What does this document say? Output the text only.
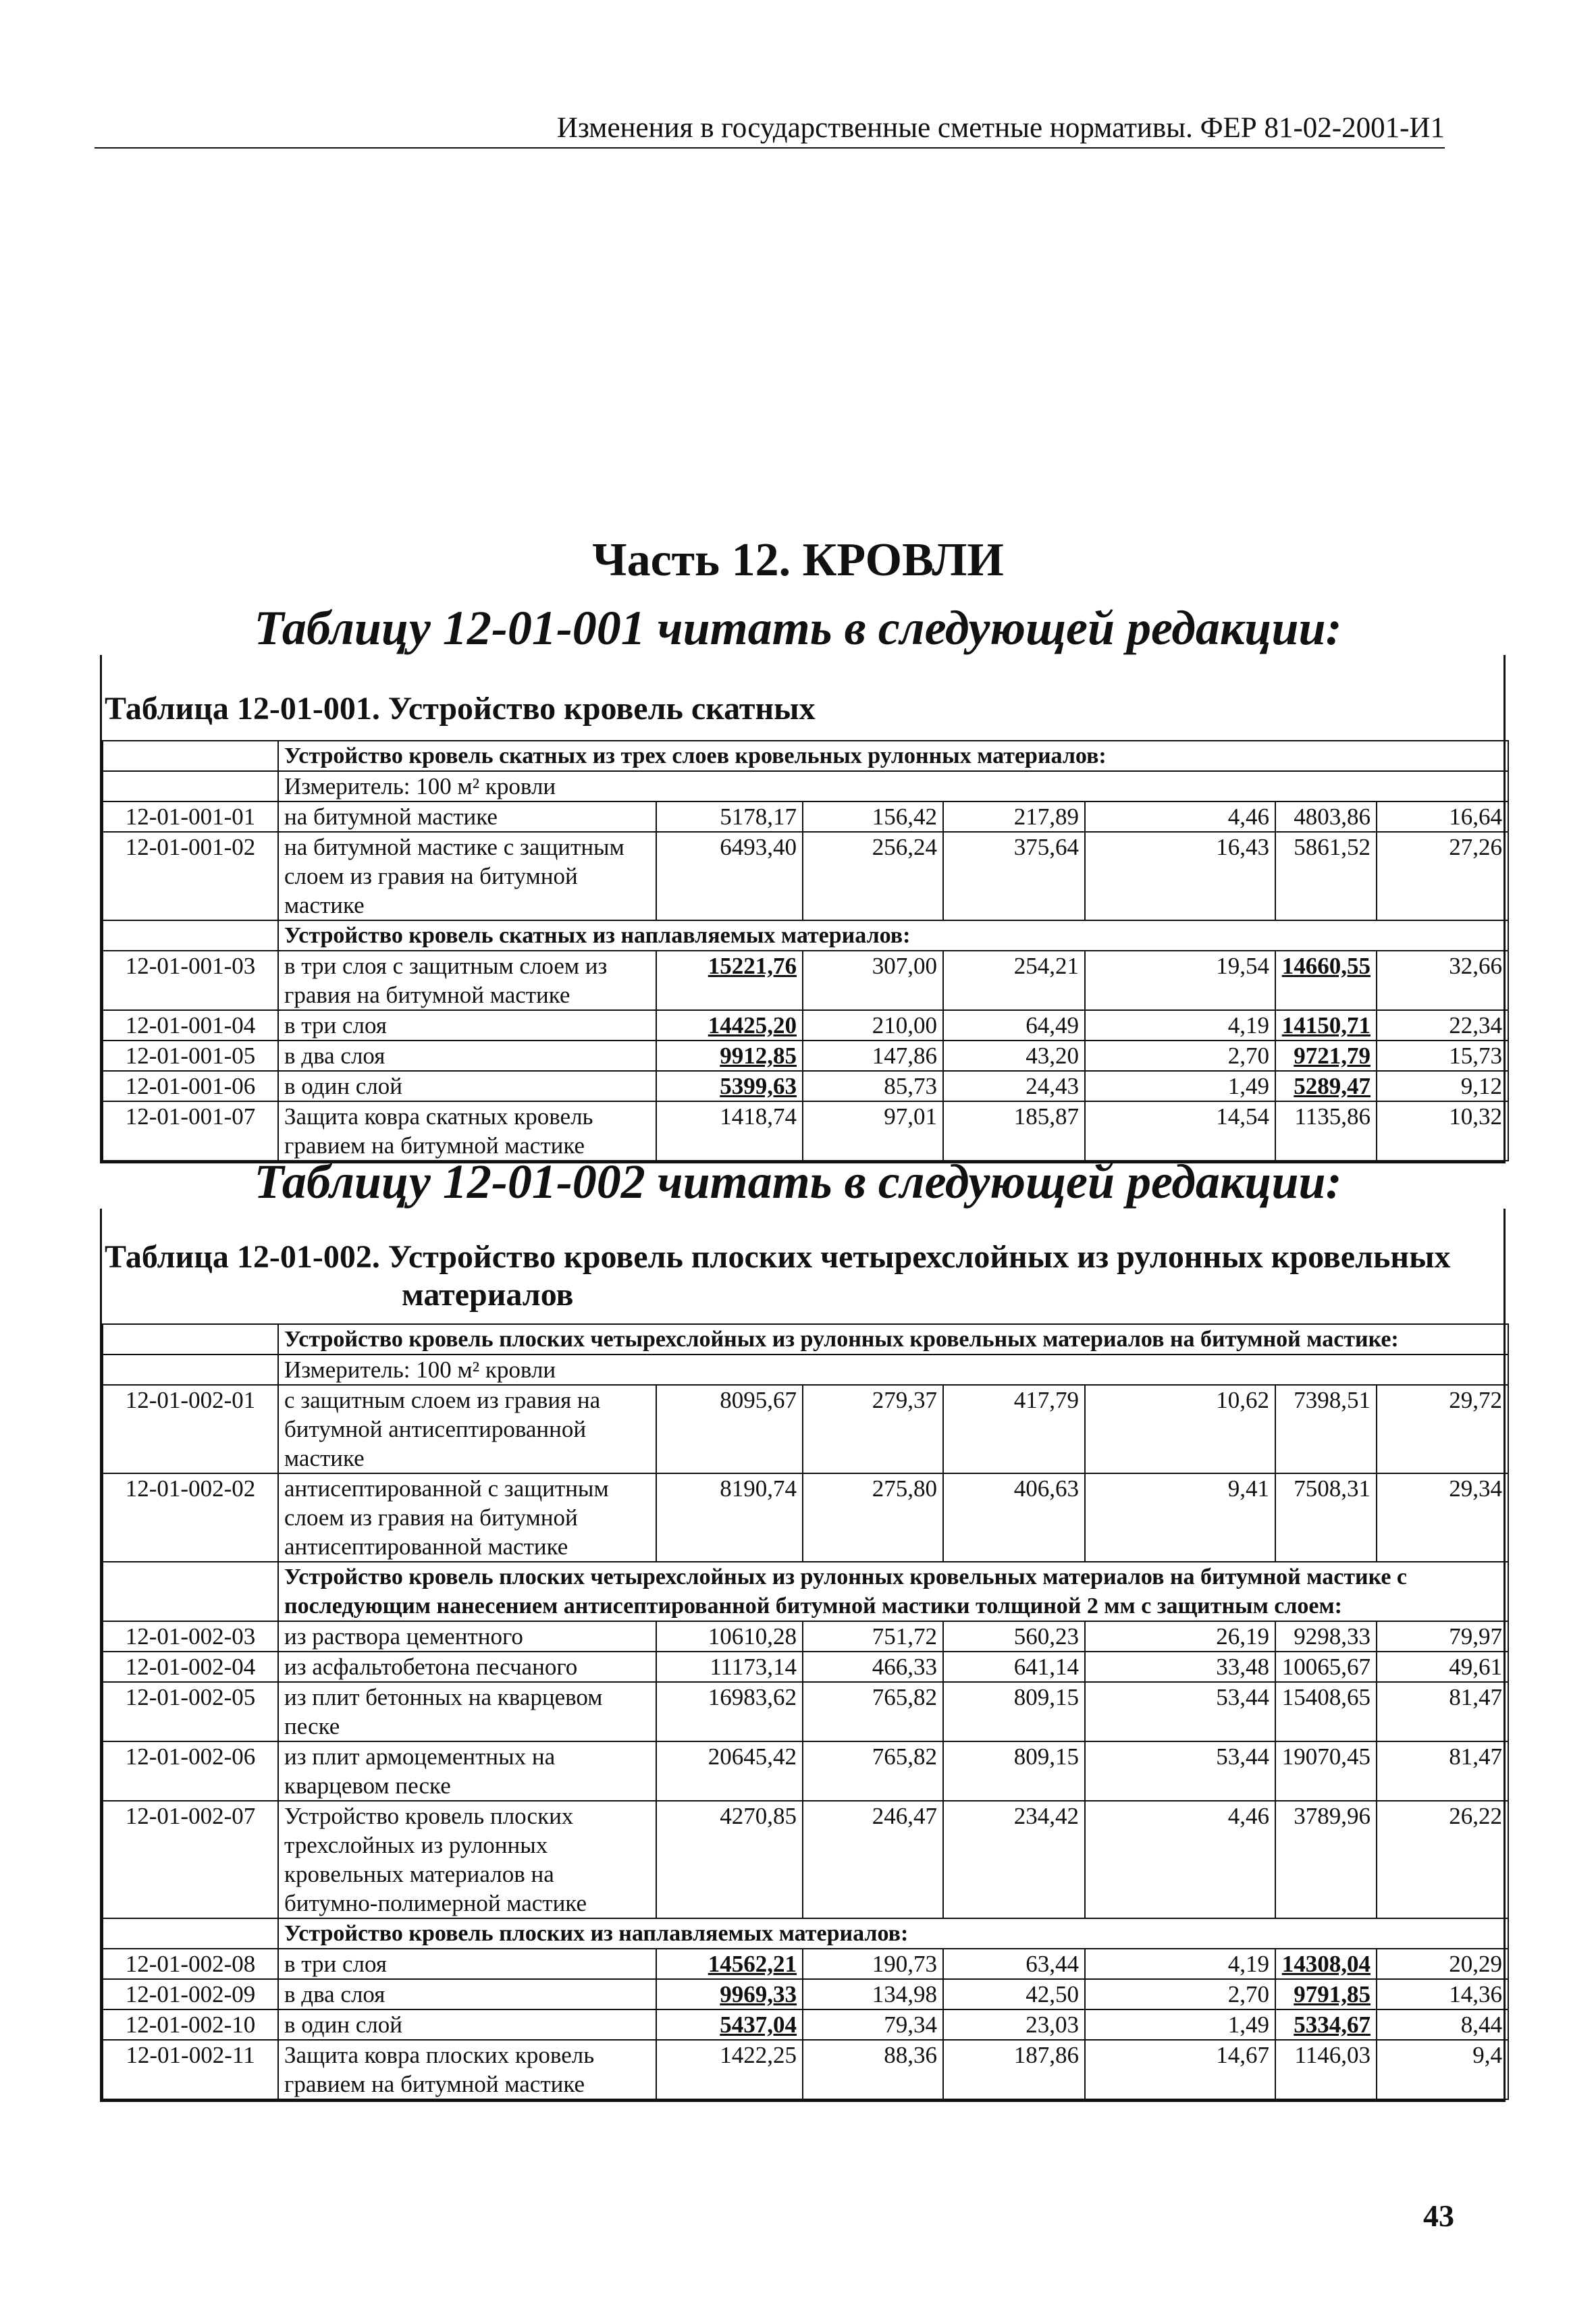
Изменения в государственные сметные нормативы. ФЕР 81-02-2001-И1
Часть 12. КРОВЛИ
Таблицу 12-01-001 читать в следующей редакции:
Таблица 12-01-001. Устройство кровель скатных
	Устройство кровель скатных из трех слоев кровельных рулонных материалов:						
	Измеритель: 100 м² кровли						
12-01-001-01	на битумной мастике	5178,17	156,42	217,89	4,46	4803,86	16,64
12-01-001-02	на битумной мастике с защитным слоем из гравия на битумной мастике	6493,40	256,24	375,64	16,43	5861,52	27,26
	Устройство кровель скатных из наплавляемых материалов:						
12-01-001-03	в три слоя с защитным слоем из гравия на битумной мастике	15221,76	307,00	254,21	19,54	14660,55	32,66
12-01-001-04	в три слоя	14425,20	210,00	64,49	4,19	14150,71	22,34
12-01-001-05	в два слоя	9912,85	147,86	43,20	2,70	9721,79	15,73
12-01-001-06	в один слой	5399,63	85,73	24,43	1,49	5289,47	9,12
12-01-001-07	Защита ковра скатных кровель гравием на битумной мастике	1418,74	97,01	185,87	14,54	1135,86	10,32
Таблицу 12-01-002 читать в следующей редакции:
Таблица 12-01-002. Устройство кровель плоских четырехслойных из рулонных кровельных
материалов
	Устройство кровель плоских четырехслойных из рулонных кровельных материалов на битумной мастике:						
	Измеритель: 100 м² кровли						
12-01-002-01	с защитным слоем из гравия на битумной антисептированной мастике	8095,67	279,37	417,79	10,62	7398,51	29,72
12-01-002-02	антисептированной с защитным слоем из гравия на битумной антисептированной мастике	8190,74	275,80	406,63	9,41	7508,31	29,34
	Устройство кровель плоских четырехслойных из рулонных кровельных материалов на битумной мастике с последующим нанесением антисептированной битумной мастики толщиной 2 мм с защитным слоем:						
12-01-002-03	из раствора цементного	10610,28	751,72	560,23	26,19	9298,33	79,97
12-01-002-04	из асфальтобетона песчаного	11173,14	466,33	641,14	33,48	10065,67	49,61
12-01-002-05	из плит бетонных на кварцевом песке	16983,62	765,82	809,15	53,44	15408,65	81,47
12-01-002-06	из плит армоцементных на кварцевом песке	20645,42	765,82	809,15	53,44	19070,45	81,47
12-01-002-07	Устройство кровель плоских трехслойных из рулонных кровельных материалов на битумно-полимерной мастике	4270,85	246,47	234,42	4,46	3789,96	26,22
	Устройство кровель плоских из наплавляемых материалов:						
12-01-002-08	в три слоя	14562,21	190,73	63,44	4,19	14308,04	20,29
12-01-002-09	в два слоя	9969,33	134,98	42,50	2,70	9791,85	14,36
12-01-002-10	в один слой	5437,04	79,34	23,03	1,49	5334,67	8,44
12-01-002-11	Защита ковра плоских кровель гравием на битумной мастике	1422,25	88,36	187,86	14,67	1146,03	9,4
43
